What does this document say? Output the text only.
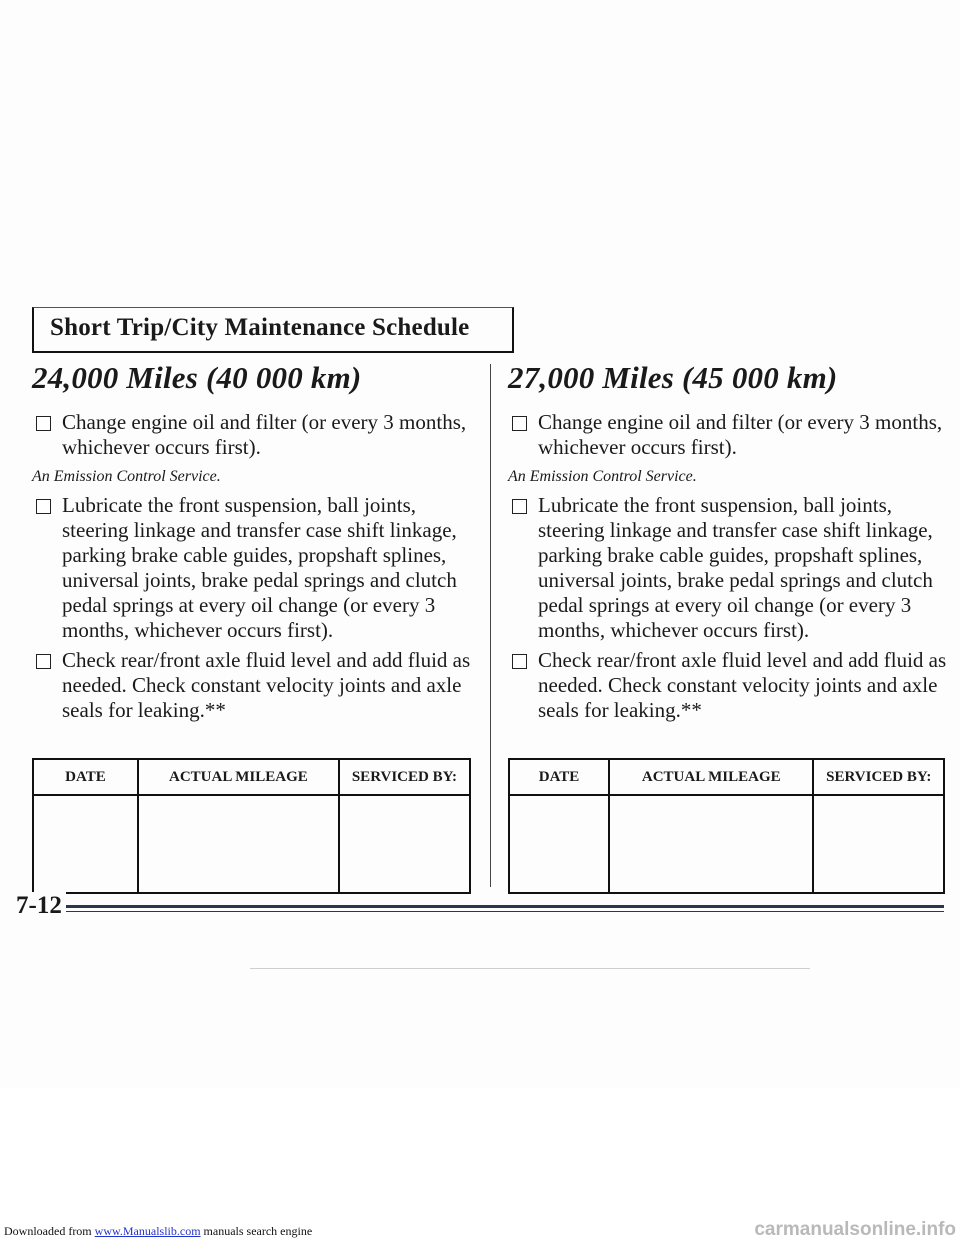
Short Trip/City Maintenance Schedule
24,000 Miles (40 000 km)
Change engine oil and filter (or every 3 months, whichever occurs first).
An Emission Control Service.
Lubricate the front suspension, ball joints, steering linkage and transfer case shift linkage, parking brake cable guides, propshaft splines, universal joints, brake pedal springs and clutch pedal springs at every oil change (or every 3 months, whichever occurs first).
Check rear/front axle fluid level and add fluid as needed. Check constant velocity joints and axle seals for leaking.**
DATE	ACTUAL MILEAGE	SERVICED BY:

27,000 Miles (45 000 km)
Change engine oil and filter (or every 3 months, whichever occurs first).
An Emission Control Service.
Lubricate the front suspension, ball joints, steering linkage and transfer case shift linkage, parking brake cable guides, propshaft splines, universal joints, brake pedal springs and clutch pedal springs at every oil change (or every 3 months, whichever occurs first).
Check rear/front axle fluid level and add fluid as needed. Check constant velocity joints and axle seals for leaking.**
DATE	ACTUAL MILEAGE	SERVICED BY:

7-12
Downloaded from www.Manualslib.com manuals search engine	carmanualsonline.info
